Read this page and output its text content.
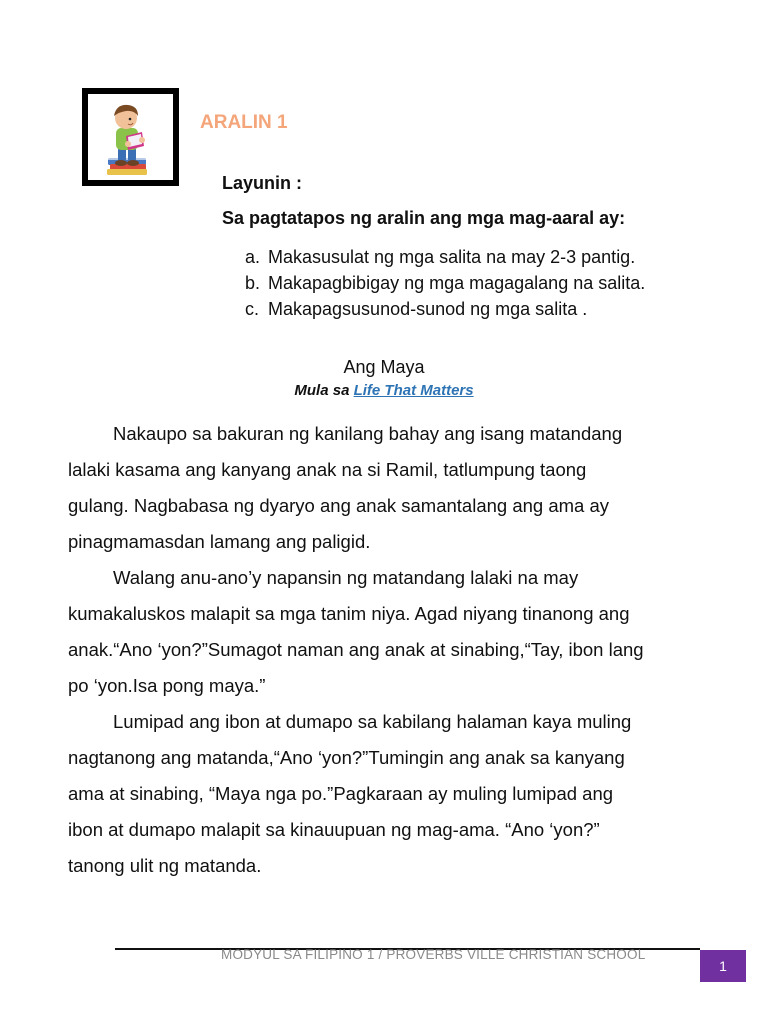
ARALIN 1
Layunin :
Sa pagtatapos ng aralin ang mga mag-aaral ay:
a. Makasusulat ng mga salita na may 2-3 pantig.
b. Makapagbibigay ng mga magagalang na salita.
c. Makapagsusunod-sunod ng mga salita .
Ang Maya
Mula sa Life That Matters

Nakaupo sa bakuran ng kanilang bahay ang isang matandang

lalaki kasama ang kanyang anak na si Ramil, tatlumpung taong

gulang. Nagbabasa ng dyaryo ang anak samantalang ang ama ay

pinagmamasdan lamang ang paligid.

Walang anu-ano’y napansin ng matandang lalaki na may

kumakaluskos malapit sa mga tanim niya. Agad niyang tinanong ang

anak.“Ano ‘yon?”Sumagot naman ang anak at sinabing,“Tay, ibon lang

po ‘yon.Isa pong maya.”

Lumipad ang ibon at dumapo sa kabilang halaman kaya muling

nagtanong ang matanda,“Ano ‘yon?”Tumingin ang anak sa kanyang

ama at sinabing, “Maya nga po.”Pagkaraan ay muling lumipad ang

ibon at dumapo malapit sa kinauupuan ng mag-ama. “Ano ‘yon?”

tanong ulit ng matanda.

MODYUL SA FILIPINO 1 / PROVERBS VILLE CHRISTIAN SCHOOL
1
